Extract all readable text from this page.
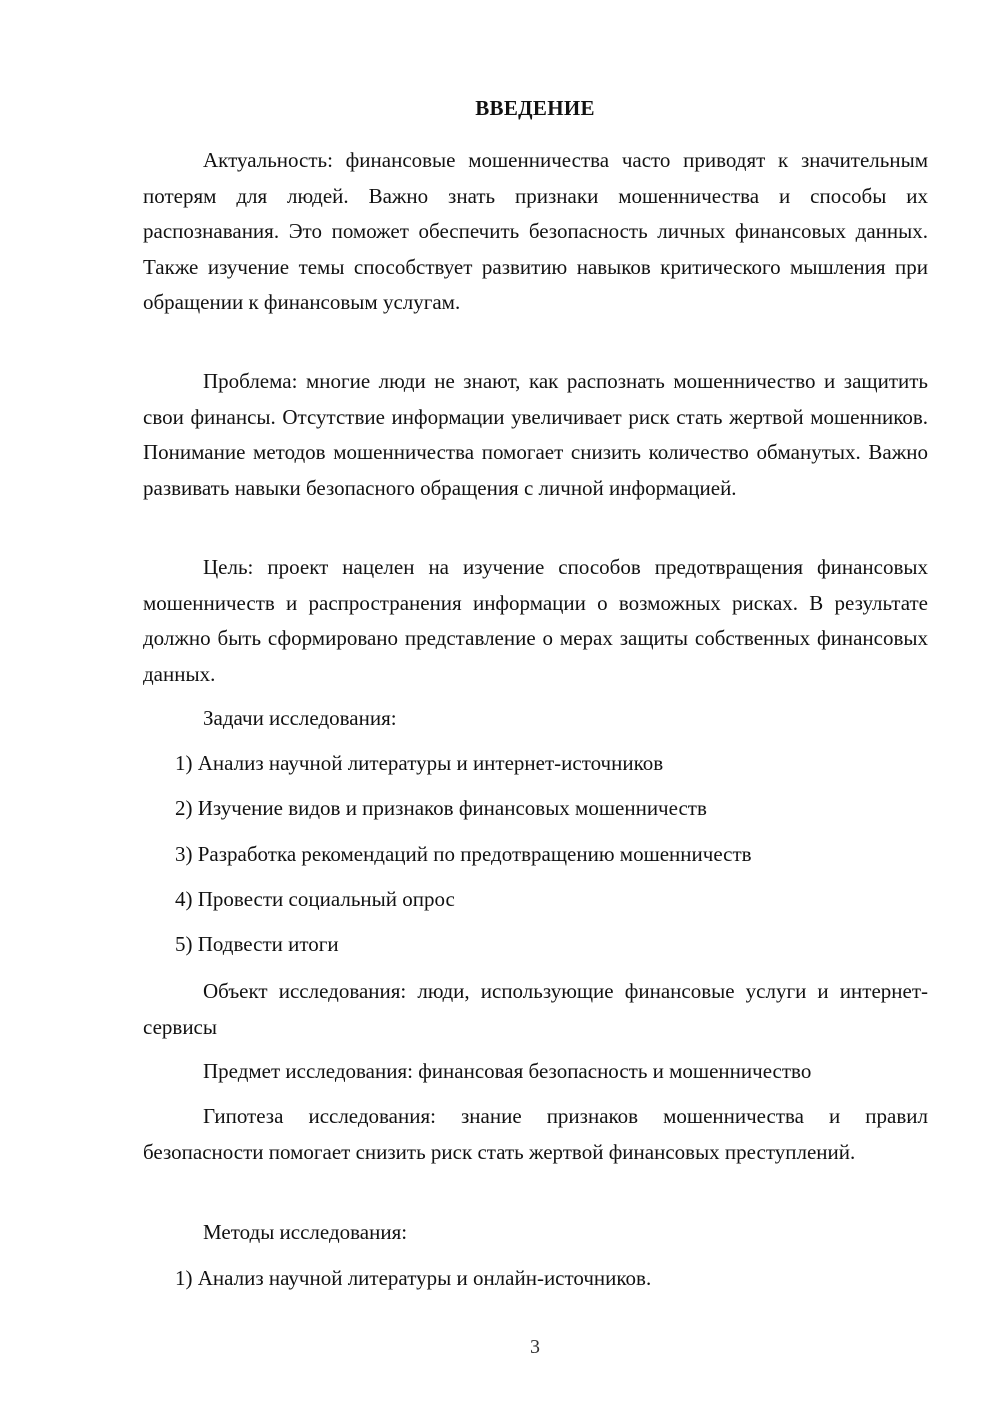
ВВЕДЕНИЕ

Актуальность: финансовые мошенничества часто приводят к значительным потерям для людей. Важно знать признаки мошенничества и способы их распознавания. Это поможет обеспечить безопасность личных финансовых данных. Также изучение темы способствует развитию навыков критического мышления при обращении к финансовым услугам.

Проблема: многие люди не знают, как распознать мошенничество и защитить свои финансы. Отсутствие информации увеличивает риск стать жертвой мошенников. Понимание методов мошенничества помогает снизить количество обманутых. Важно развивать навыки безопасного обращения с личной информацией.

Цель: проект нацелен на изучение способов предотвращения финансовых мошенничеств и распространения информации о возможных рисках. В результате должно быть сформировано представление о мерах защиты собственных финансовых данных.

Задачи исследования:

1) Анализ научной литературы и интернет-источников

2) Изучение видов и признаков финансовых мошенничеств

3) Разработка рекомендаций по предотвращению мошенничеств

4) Провести социальный опрос

5) Подвести итоги

Объект исследования: люди, использующие финансовые услуги и интернет-сервисы

Предмет исследования: финансовая безопасность и мошенничество

Гипотеза исследования: знание признаков мошенничества и правил безопасности помогает снизить риск стать жертвой финансовых преступлений.

Методы исследования:

1) Анализ научной литературы и онлайн-источников.

3
